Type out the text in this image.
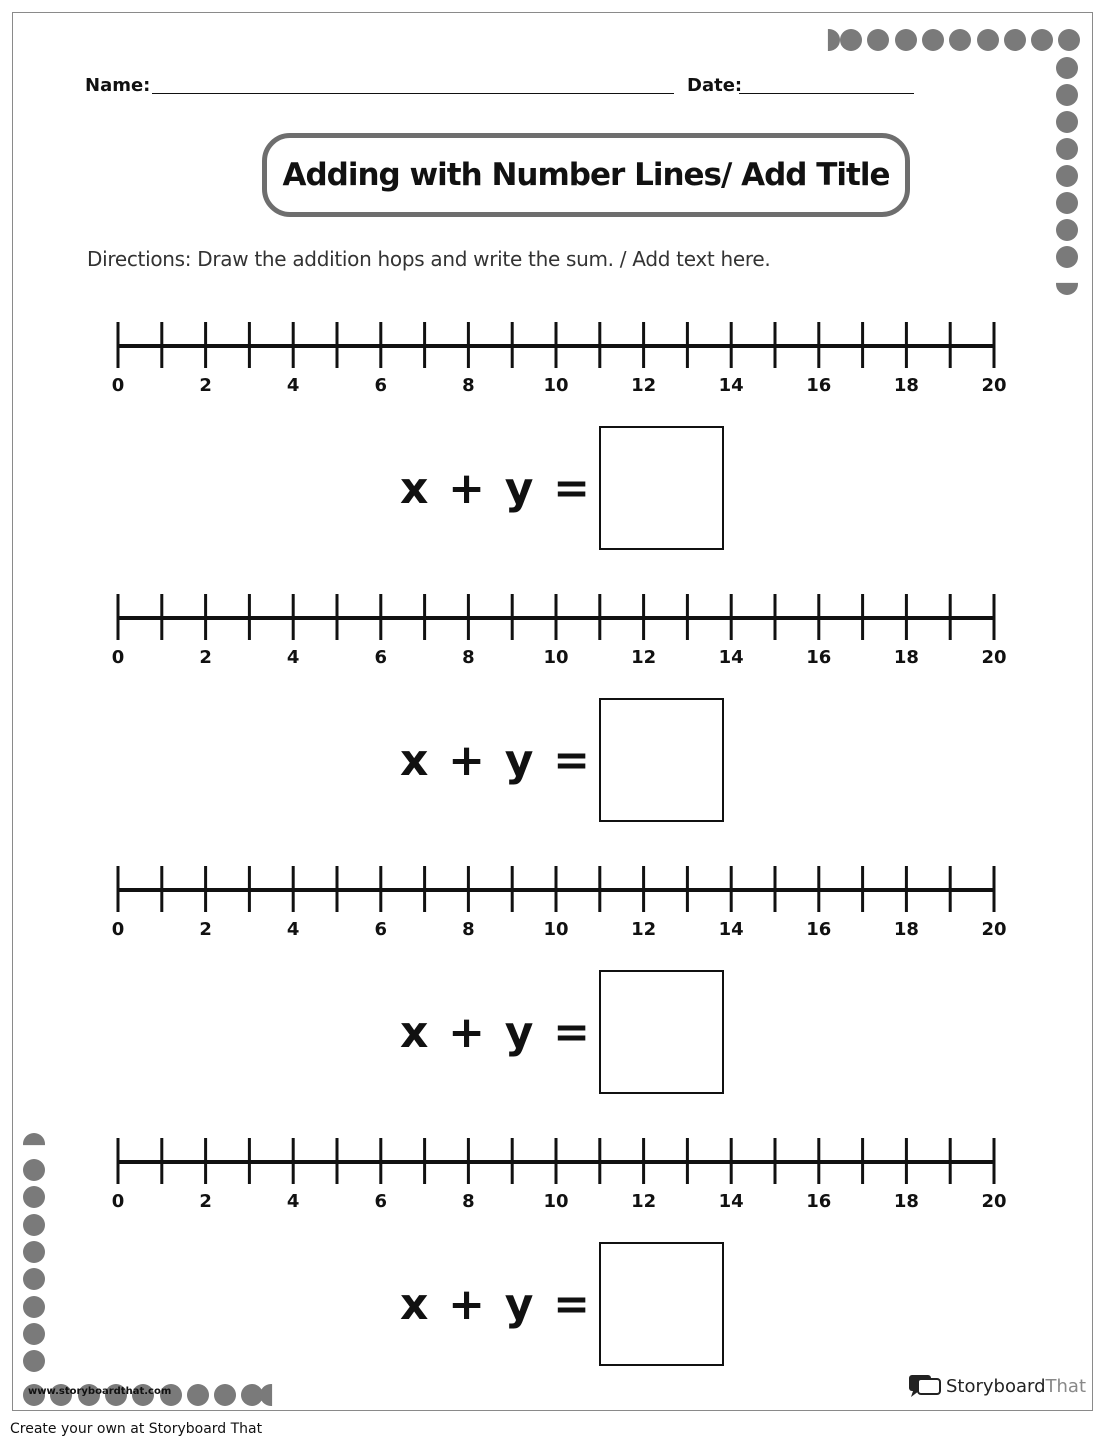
Name:	Date:
Adding with Number Lines/ Add Title
Directions: Draw the addition hops and write the sum. / Add text here.
0	2	4	6	8	10	12	14	16	18	20
0	2	4	6	8	10	12	14	16	18	20
0	2	4	6	8	10	12	14	16	18	20
0	2	4	6	8	10	12	14	16	18	20
x + y =
x + y =
x + y =
x + y =
www.storyboardthat.com	StoryboardThat
Create your own at Storyboard That
